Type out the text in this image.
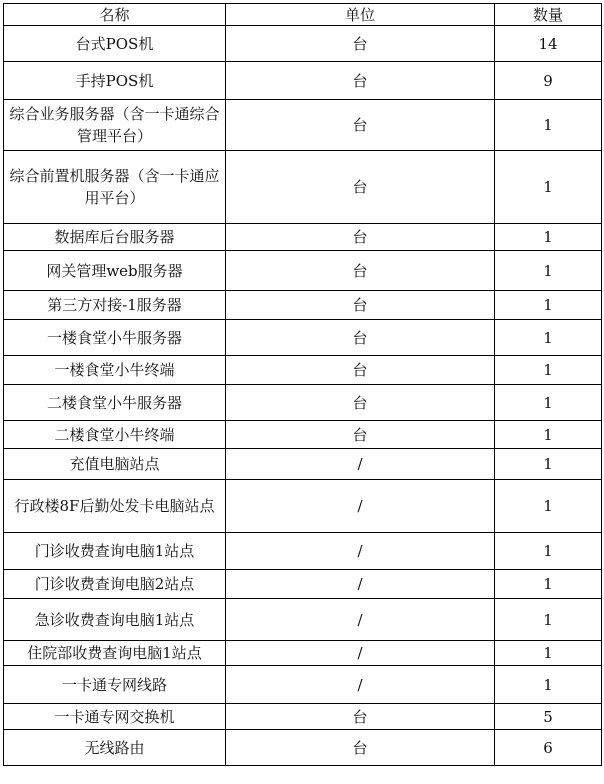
名称	单位	数量
台式POS机	台	14
手持POS机	台	9
综合业务服务器（含一卡通综合管理平台）	台	1
综合前置机服务器（含一卡通应用平台）	台	1
数据库后台服务器	台	1
网关管理web服务器	台	1
第三方对接-1服务器	台	1
一楼食堂小牛服务器	台	1
一楼食堂小牛终端	台	1
二楼食堂小牛服务器	台	1
二楼食堂小牛终端	台	1
充值电脑站点	/	1
行政楼8F后勤处发卡电脑站点	/	1
门诊收费查询电脑1站点	/	1
门诊收费查询电脑2站点	/	1
急诊收费查询电脑1站点	/	1
住院部收费查询电脑1站点	/	1
一卡通专网线路	/	1
一卡通专网交换机	台	5
无线路由	台	6
